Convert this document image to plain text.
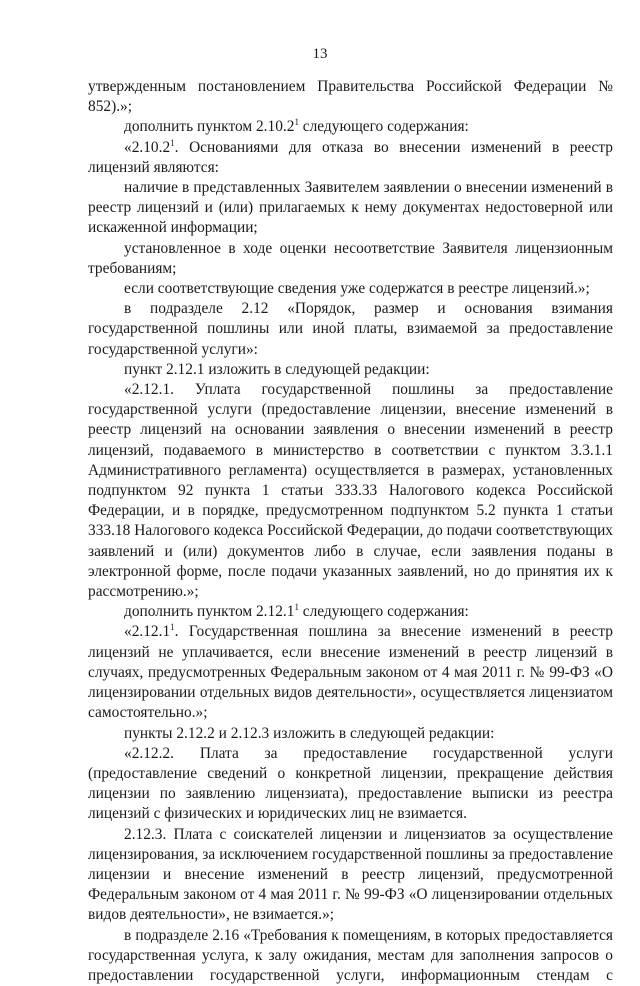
13
утвержденным постановлением Правительства Российской Федерации № 852).»;
дополнить пунктом 2.10.2$^1$ следующего содержания:
«2.10.2$^1$. Основаниями для отказа во внесении изменений в реестр лицензий являются:
наличие в представленных Заявителем заявлении о внесении изменений в реестр лицензий и (или) прилагаемых к нему документах недостоверной или искаженной информации;
установленное в ходе оценки несоответствие Заявителя лицензионным требованиям;
если соответствующие сведения уже содержатся в реестре лицензий.»;
в подразделе 2.12 «Порядок, размер и основания взимания государственной пошлины или иной платы, взимаемой за предоставление государственной услуги»:
пункт 2.12.1 изложить в следующей редакции:
«2.12.1. Уплата государственной пошлины за предоставление государственной услуги (предоставление лицензии, внесение изменений в реестр лицензий на основании заявления о внесении изменений в реестр лицензий, подаваемого в министерство в соответствии с пунктом 3.3.1.1 Административного регламента) осуществляется в размерах, установленных подпунктом 92 пункта 1 статьи 333.33 Налогового кодекса Российской Федерации, и в порядке, предусмотренном подпунктом 5.2 пункта 1 статьи 333.18 Налогового кодекса Российской Федерации, до подачи соответствующих заявлений и (или) документов либо в случае, если заявления поданы в электронной форме, после подачи указанных заявлений, но до принятия их к рассмотрению.»;
дополнить пунктом 2.12.1$^1$ следующего содержания:
«2.12.1$^1$. Государственная пошлина за внесение изменений в реестр лицензий не уплачивается, если внесение изменений в реестр лицензий в случаях, предусмотренных Федеральным законом от 4 мая 2011 г. № 99-ФЗ «О лицензировании отдельных видов деятельности», осуществляется лицензиатом самостоятельно.»;
пункты 2.12.2 и 2.12.3 изложить в следующей редакции:
«2.12.2. Плата за предоставление государственной услуги (предоставление сведений о конкретной лицензии, прекращение действия лицензии по заявлению лицензиата), предоставление выписки из реестра лицензий с физических и юридических лиц не взимается.
2.12.3. Плата с соискателей лицензии и лицензиатов за осуществление лицензирования, за исключением государственной пошлины за предоставление лицензии и внесение изменений в реестр лицензий, предусмотренной Федеральным законом от 4 мая 2011 г. № 99-ФЗ «О лицензировании отдельных видов деятельности», не взимается.»;
в подразделе 2.16 «Требования к помещениям, в которых предоставляется государственная услуга, к залу ожидания, местам для заполнения запросов о предоставлении государственной услуги, информационным стендам с
